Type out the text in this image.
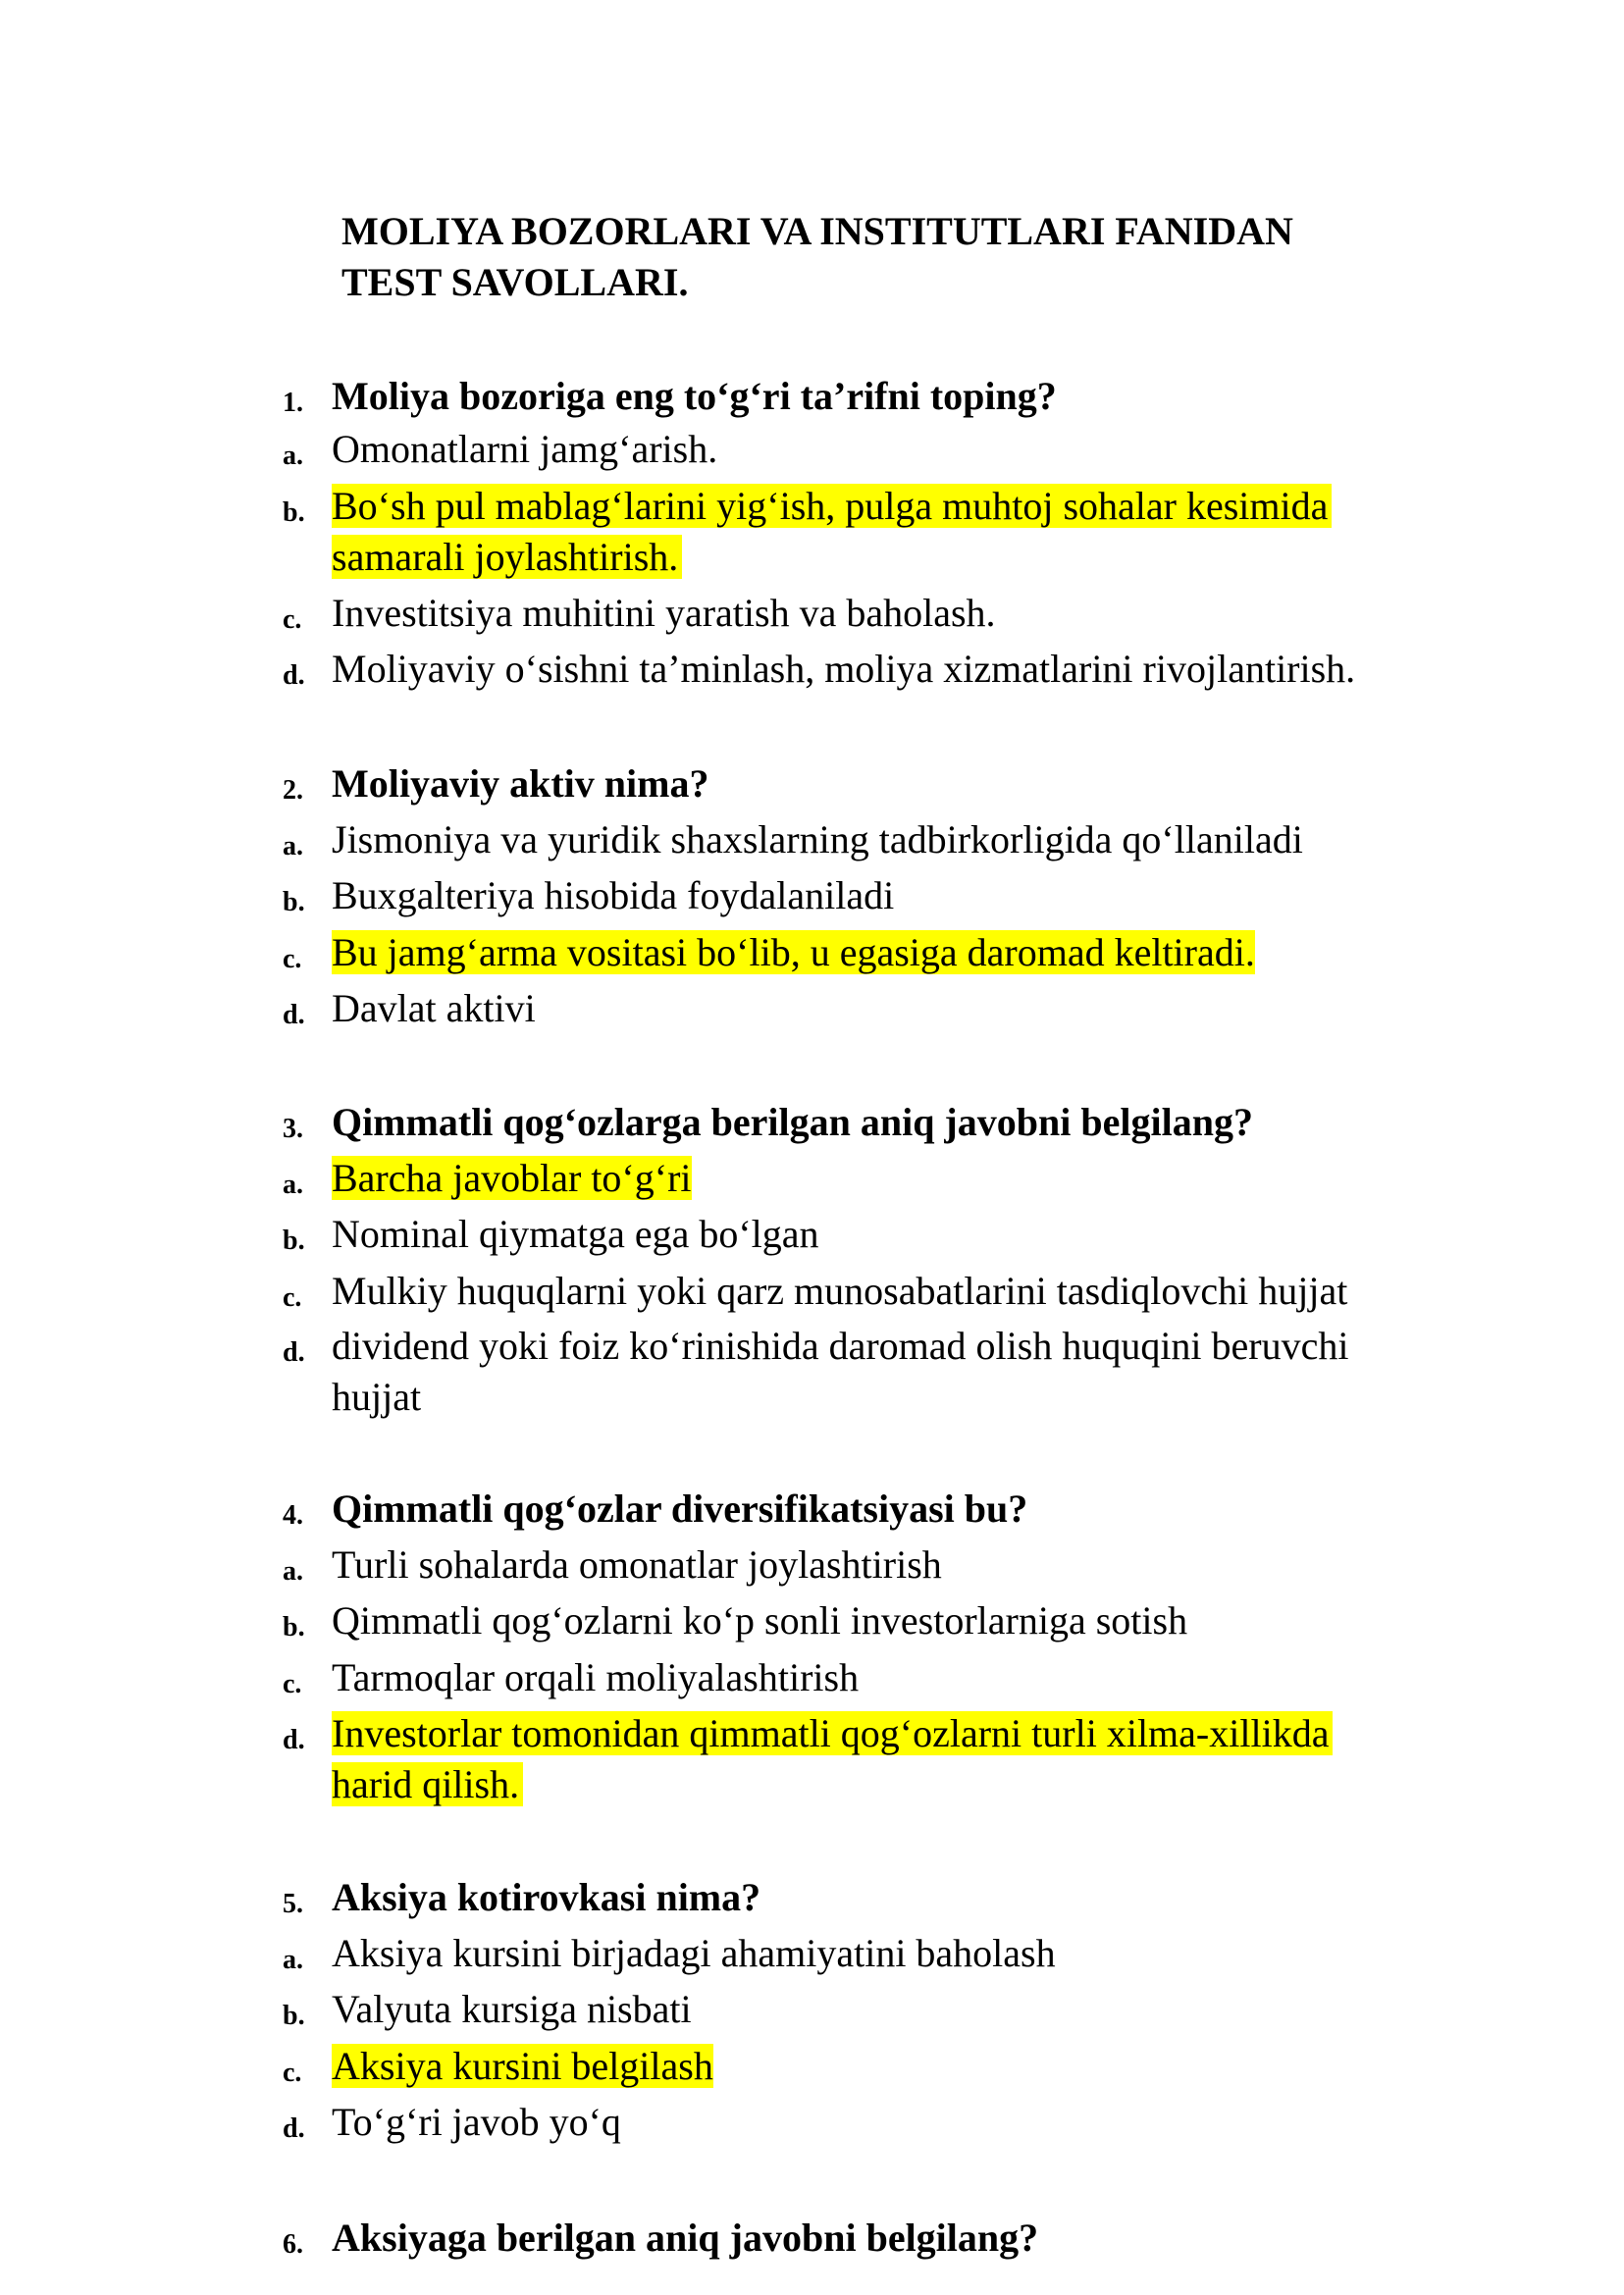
MOLIYA BOZORLARI VA INSTITUTLARI FANIDAN
TEST SAVOLLARI.
1. Moliya bozoriga eng to‘g‘ri ta’rifni toping?
a. Omonatlarni jamg‘arish.
b. Bo‘sh pul mablag‘larini yig‘ish, pulga muhtoj sohalar kesimida
samarali joylashtirish.
c. Investitsiya muhitini yaratish va baholash.
d. Moliyaviy o‘sishni ta’minlash, moliya xizmatlarini rivojlantirish.
2. Moliyaviy aktiv nima?
a. Jismoniya va yuridik shaxslarning tadbirkorligida qo‘llaniladi
b. Buxgalteriya hisobida foydalaniladi
c. Bu jamg‘arma vositasi bo‘lib, u egasiga daromad keltiradi.
d. Davlat aktivi
3. Qimmatli qog‘ozlarga berilgan aniq javobni belgilang?
a. Barcha javoblar to‘g‘ri
b. Nominal qiymatga ega bo‘lgan
c. Mulkiy huquqlarni yoki qarz munosabatlarini tasdiqlovchi hujjat
d. dividend yoki foiz ko‘rinishida daromad olish huquqini beruvchi
hujjat
4. Qimmatli qog‘ozlar diversifikatsiyasi bu?
a. Turli sohalarda omonatlar joylashtirish
b. Qimmatli qog‘ozlarni ko‘p sonli investorlarniga sotish
c. Tarmoqlar orqali moliyalashtirish
d. Investorlar tomonidan qimmatli qog‘ozlarni turli xilma-xillikda
harid qilish.
5. Aksiya kotirovkasi nima?
a. Aksiya kursini birjadagi ahamiyatini baholash
b. Valyuta kursiga nisbati
c. Aksiya kursini belgilash
d. To‘g‘ri javob yo‘q
6. Aksiyaga berilgan aniq javobni belgilang?
